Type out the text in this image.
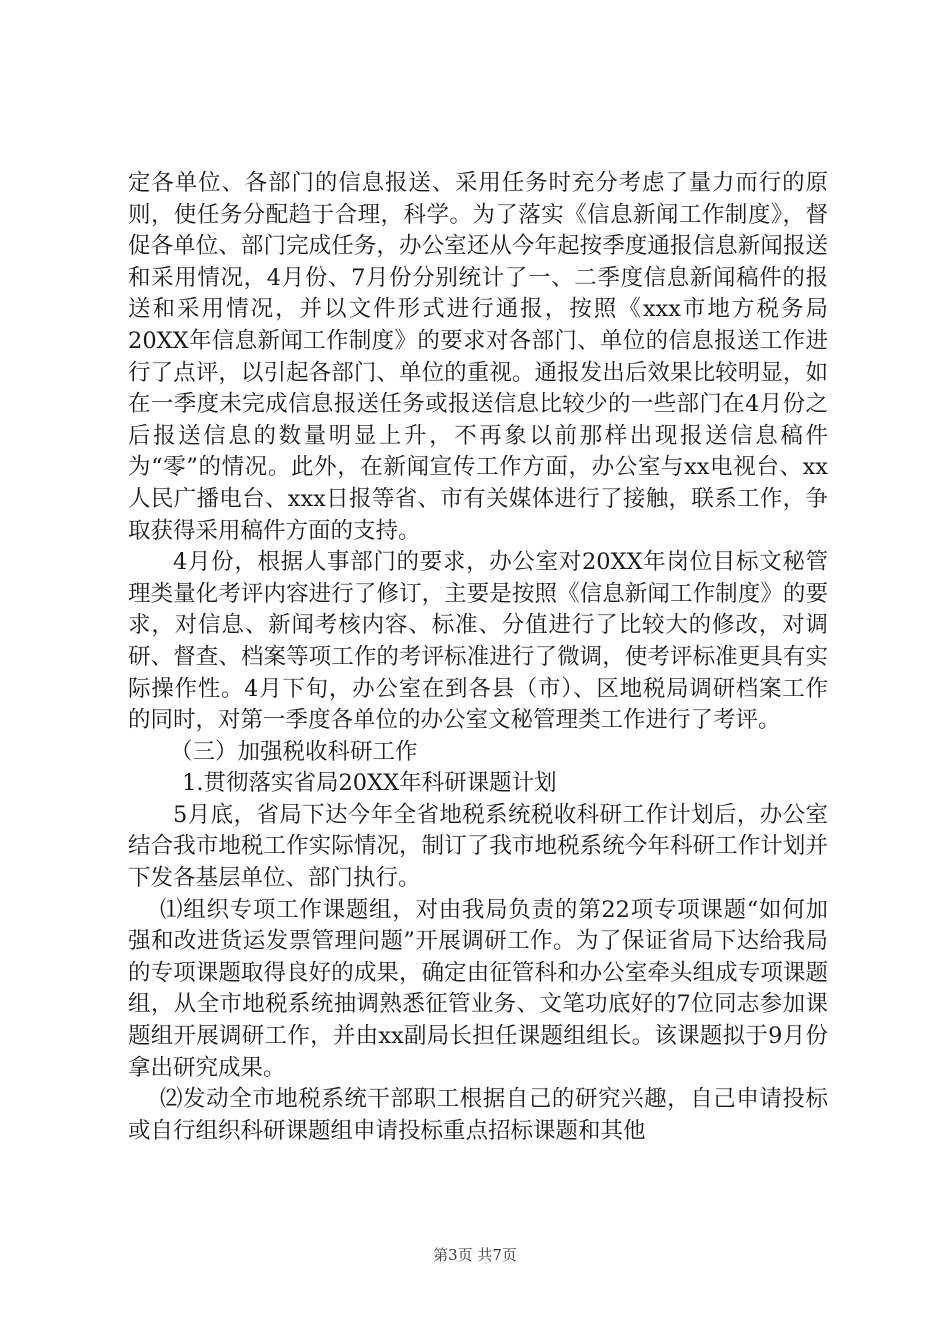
定各单位、各部门的信息报送、采用任务时充分考虑了量力而行的原则，使任务分配趋于合理，科学。为了落实《信息新闻工作制度》，督促各单位、部门完成任务，办公室还从今年起按季度通报信息新闻报送和采用情况，4月份、7月份分别统计了一、二季度信息新闻稿件的报送和采用情况，并以文件形式进行通报，按照《xxx市地方税务局20XX年信息新闻工作制度》的要求对各部门、单位的信息报送工作进行了点评，以引起各部门、单位的重视。通报发出后效果比较明显，如在一季度未完成信息报送任务或报送信息比较少的一些部门在4月份之后报送信息的数量明显上升，不再象以前那样出现报送信息稿件为“零”的情况。此外，在新闻宣传工作方面，办公室与xx电视台、xx人民广播电台、xxx日报等省、市有关媒体进行了接触，联系工作，争取获得采用稿件方面的支持。

4月份，根据人事部门的要求，办公室对20XX年岗位目标文秘管理类量化考评内容进行了修订，主要是按照《信息新闻工作制度》的要求，对信息、新闻考核内容、标准、分值进行了比较大的修改，对调研、督查、档案等项工作的考评标准进行了微调，使考评标准更具有实际操作性。4月下旬，办公室在到各县（市）、区地税局调研档案工作的同时，对第一季度各单位的办公室文秘管理类工作进行了考评。

（三）加强税收科研工作

1.贯彻落实省局20XX年科研课题计划

5月底，省局下达今年全省地税系统税收科研工作计划后，办公室结合我市地税工作实际情况，制订了我市地税系统今年科研工作计划并下发各基层单位、部门执行。

⑴组织专项工作课题组，对由我局负责的第22项专项课题“如何加强和改进货运发票管理问题”开展调研工作。为了保证省局下达给我局的专项课题取得良好的成果，确定由征管科和办公室牵头组成专项课题组，从全市地税系统抽调熟悉征管业务、文笔功底好的7位同志参加课题组开展调研工作，并由xx副局长担任课题组组长。该课题拟于9月份拿出研究成果。

⑵发动全市地税系统干部职工根据自己的研究兴趣，自己申请投标或自行组织科研课题组申请投标重点招标课题和其他

第3页 共7页
